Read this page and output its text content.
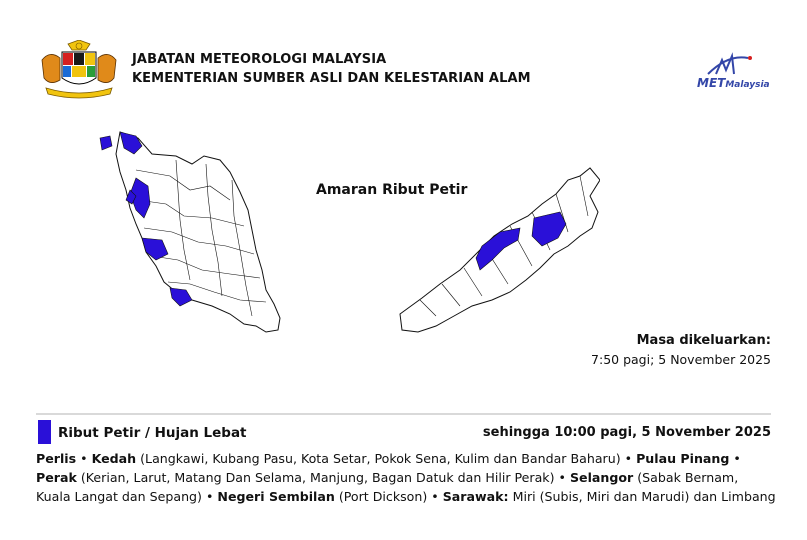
JABATAN METEOROLOGI MALAYSIA
KEMENTERIAN SUMBER ASLI DAN KELESTARIAN ALAM	METMalaysia
Amaran Ribut Petir
Masa dikeluarkan:
7:50 pagi; 5 November 2025
Ribut Petir / Hujan Lebat	sehingga 10:00 pagi, 5 November 2025
Perlis • Kedah (Langkawi, Kubang Pasu, Kota Setar, Pokok Sena, Kulim dan Bandar Baharu) • Pulau Pinang • Perak (Kerian, Larut, Matang Dan Selama, Manjung, Bagan Datuk dan Hilir Perak) • Selangor (Sabak Bernam, Kuala Langat dan Sepang) • Negeri Sembilan (Port Dickson) • Sarawak: Miri (Subis, Miri dan Marudi) dan Limbang
